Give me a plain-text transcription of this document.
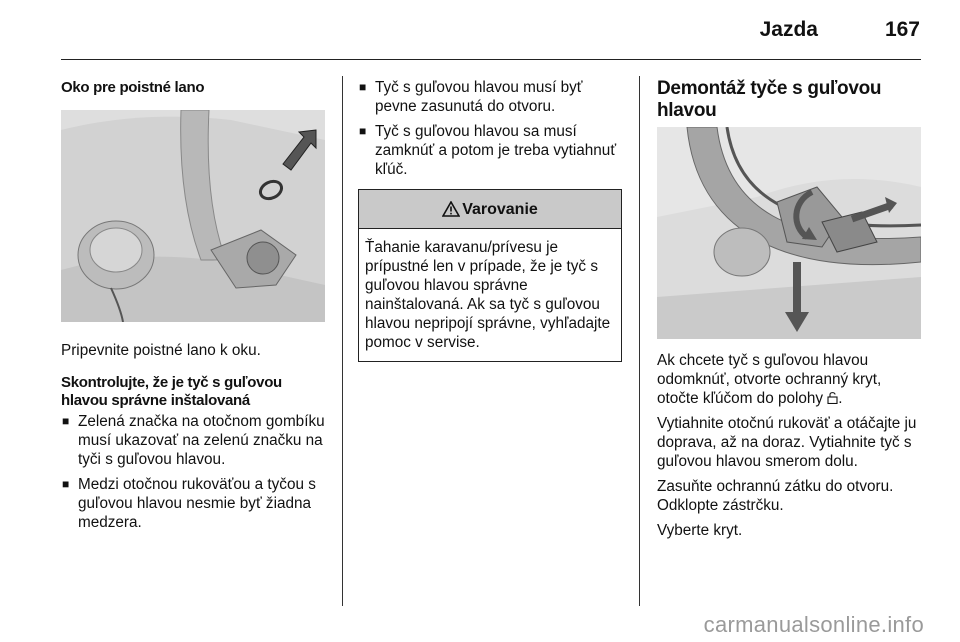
Jazda	167

Oko pre poistné lano

Pripevnite poistné lano k oku.

Skontrolujte, že je tyč s guľovou hlavou správne inštalovaná

■ Zelená značka na otočnom gombíku musí ukazovať na zelenú značku na tyči s guľovou hlavou.
■ Medzi otočnou rukoväťou a tyčou s guľovou hlavou nesmie byť žiadna medzera.
■ Tyč s guľovou hlavou musí byť pevne zasunutá do otvoru.
■ Tyč s guľovou hlavou sa musí zamknúť a potom je treba vytiahnuť kľúč.
Varovanie
Ťahanie karavanu/prívesu je prípustné len v prípade, že je tyč s guľovou hlavou správne nainštalovaná. Ak sa tyč s guľovou hlavou nepripojí správne, vyhľadajte pomoc v servise.

Demontáž tyče s guľovou hlavou

Ak chcete tyč s guľovou hlavou odomknúť, otvorte ochranný kryt, otočte kľúčom do polohy .

Vytiahnite otočnú rukoväť a otáčajte ju doprava, až na doraz. Vytiahnite tyč s guľovou hlavou smerom dolu.

Zasuňte ochrannú zátku do otvoru. Odklopte zástrčku.

Vyberte kryt.

carmanualsonline.info
